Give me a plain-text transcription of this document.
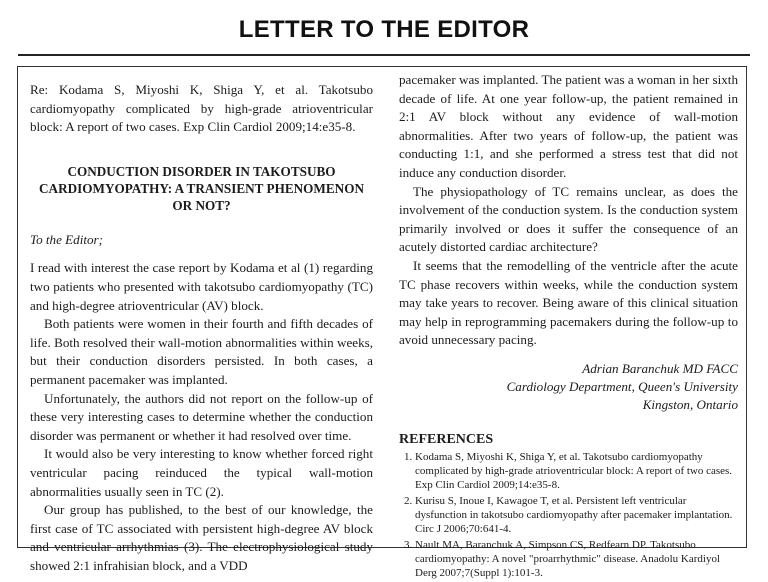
LETTER TO THE EDITOR

Re: Kodama S, Miyoshi K, Shiga Y, et al. Takotsubo cardiomyopathy complicated by high-grade atrioventricular block: A report of two cases. Exp Clin Cardiol 2009;14:e35-8.

CONDUCTION DISORDER IN TAKOTSUBO CARDIOMYOPATHY: A TRANSIENT PHENOMENON OR NOT?

To the Editor;

I read with interest the case report by Kodama et al (1) regarding two patients who presented with takotsubo cardiomyopathy (TC) and high-degree atrioventricular (AV) block.

Both patients were women in their fourth and fifth decades of life. Both resolved their wall-motion abnormalities within weeks, but their conduction disorders persisted. In both cases, a permanent pacemaker was implanted.

Unfortunately, the authors did not report on the follow-up of these very interesting cases to determine whether the conduction disorder was permanent or whether it had resolved over time.

It would also be very interesting to know whether forced right ventricular pacing reinduced the typical wall-motion abnormalities usually seen in TC (2).

Our group has published, to the best of our knowledge, the first case of TC associated with persistent high-degree AV block and ventricular arrhythmias (3). The electrophysiological study showed 2:1 infrahisian block, and a VDD

pacemaker was implanted. The patient was a woman in her sixth decade of life. At one year follow-up, the patient remained in 2:1 AV block without any evidence of wall-motion abnormalities. After two years of follow-up, the patient was conducting 1:1, and she performed a stress test that did not induce any conduction disorder.

The physiopathology of TC remains unclear, as does the involvement of the conduction system. Is the conduction system primarily involved or does it suffer the consequence of an acutely distorted cardiac architecture?

It seems that the remodelling of the ventricle after the acute TC phase recovers within weeks, while the conduction system may take years to recover. Being aware of this clinical situation may help in reprogramming pacemakers during the follow-up to avoid unnecessary pacing.

Adrian Baranchuk MD FACC
Cardiology Department, Queen's University
Kingston, Ontario
REFERENCES
1. Kodama S, Miyoshi K, Shiga Y, et al. Takotsubo cardiomyopathy complicated by high-grade atrioventricular block: A report of two cases. Exp Clin Cardiol 2009;14:e35-8.
2. Kurisu S, Inoue I, Kawagoe T, et al. Persistent left ventricular dysfunction in takotsubo cardiomyopathy after pacemaker implantation. Circ J 2006;70:641-4.
3. Nault MA, Baranchuk A, Simpson CS, Redfearn DP. Takotsubo cardiomyopathy: A novel "proarrhythmic" disease. Anadolu Kardiyol Derg 2007;7(Suppl 1):101-3.
